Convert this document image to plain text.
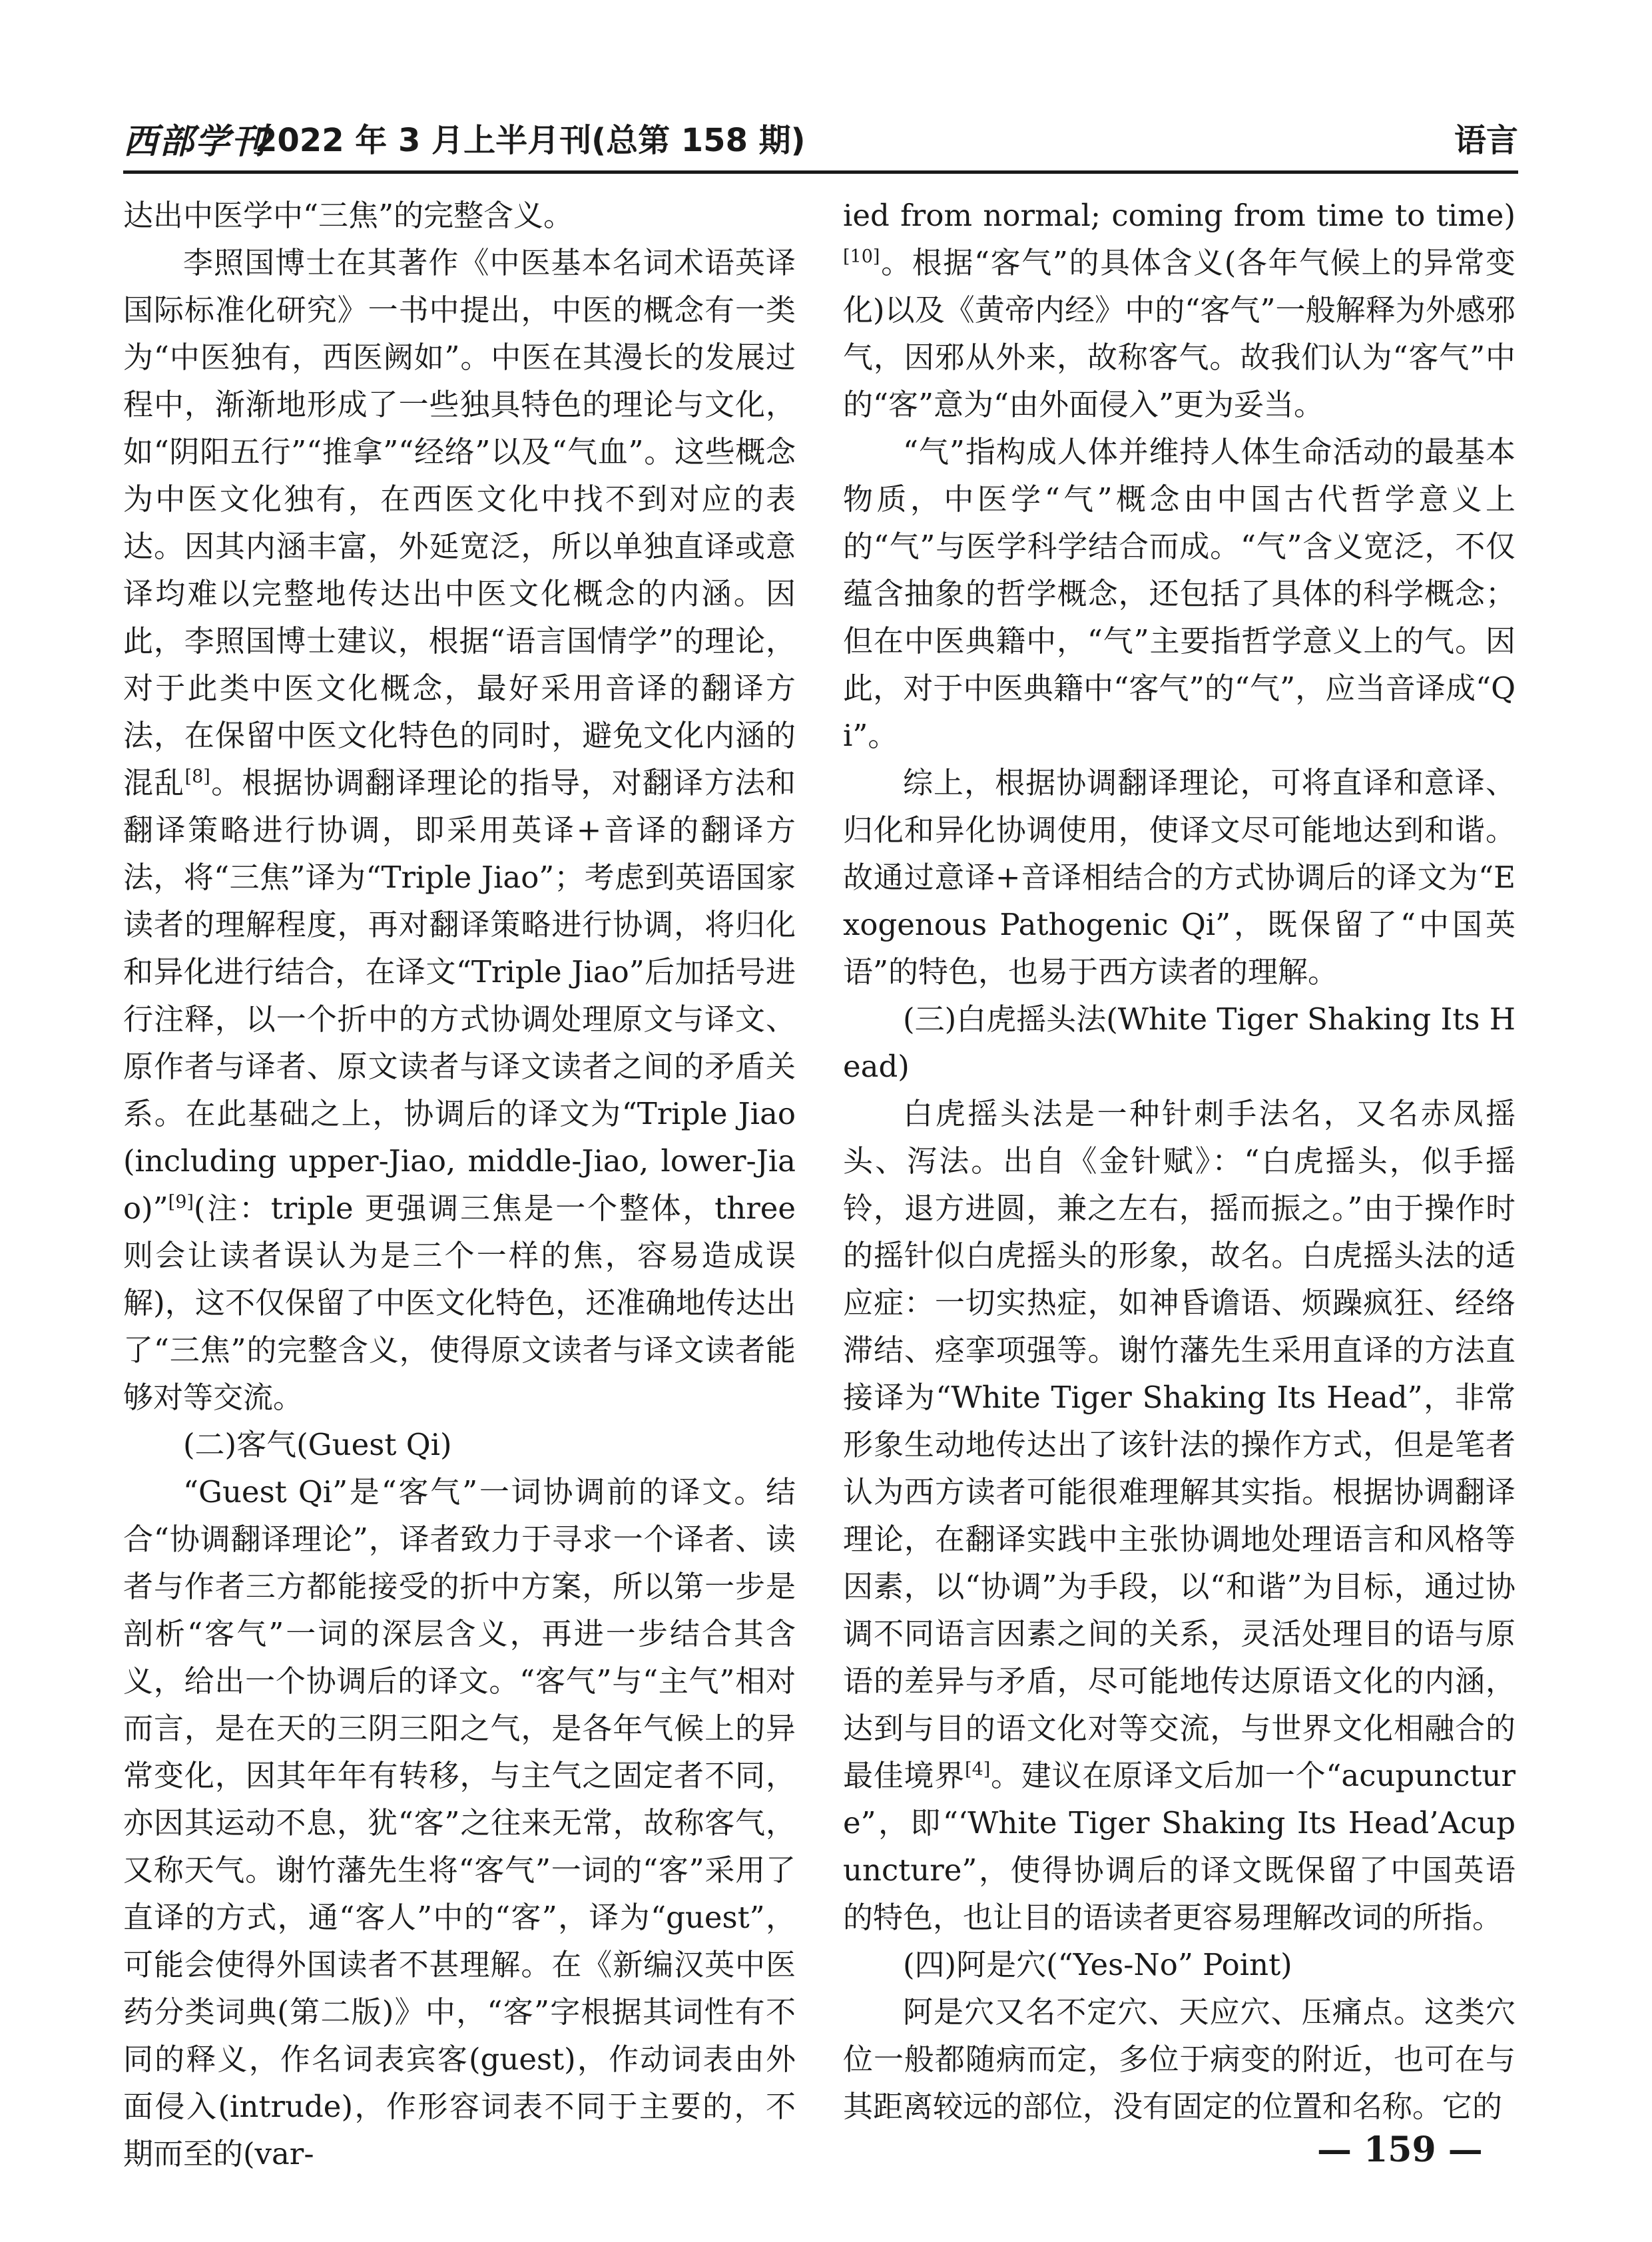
西部学刊
2022 年 3 月上半月刊(总第 158 期)	语言

达出中医学中“三焦”的完整含义。

李照国博士在其著作《中医基本名词术语英译国际标准化研究》一书中提出，中医的概念有一类为“中医独有，西医阙如”。中医在其漫长的发展过程中，渐渐地形成了一些独具特色的理论与文化，如“阴阳五行”“推拿”“经络”以及“气血”。这些概念为中医文化独有，在西医文化中找不到对应的表达。因其内涵丰富，外延宽泛，所以单独直译或意译均难以完整地传达出中医文化概念的内涵。因此，李照国博士建议，根据“语言国情学”的理论，对于此类中医文化概念，最好采用音译的翻译方法，在保留中医文化特色的同时，避免文化内涵的混乱[8]。根据协调翻译理论的指导，对翻译方法和翻译策略进行协调，即采用英译+音译的翻译方法，将“三焦”译为“Triple Jiao”；考虑到英语国家读者的理解程度，再对翻译策略进行协调，将归化和异化进行结合，在译文“Triple Jiao”后加括号进行注释，以一个折中的方式协调处理原文与译文、原作者与译者、原文读者与译文读者之间的矛盾关系。在此基础之上，协调后的译文为“Triple Jiao(including upper-Jiao, middle-Jiao, lower-Jiao)”[9](注：triple 更强调三焦是一个整体，three 则会让读者误认为是三个一样的焦，容易造成误解)，这不仅保留了中医文化特色，还准确地传达出了“三焦”的完整含义，使得原文读者与译文读者能够对等交流。

(二)客气(Guest Qi)

“Guest Qi”是“客气”一词协调前的译文。结合“协调翻译理论”，译者致力于寻求一个译者、读者与作者三方都能接受的折中方案，所以第一步是剖析“客气”一词的深层含义，再进一步结合其含义，给出一个协调后的译文。“客气”与“主气”相对而言，是在天的三阴三阳之气，是各年气候上的异常变化，因其年年有转移，与主气之固定者不同，亦因其运动不息，犹“客”之往来无常，故称客气，又称天气。谢竹藩先生将“客气”一词的“客”采用了直译的方式，通“客人”中的“客”，译为“guest”，可能会使得外国读者不甚理解。在《新编汉英中医药分类词典(第二版)》中，“客”字根据其词性有不同的释义，作名词表宾客(guest)，作动词表由外面侵入(intrude)，作形容词表不同于主要的，不期而至的(var-

ied from normal; coming from time to time)[10]。根据“客气”的具体含义(各年气候上的异常变化)以及《黄帝内经》中的“客气”一般解释为外感邪气，因邪从外来，故称客气。故我们认为“客气”中的“客”意为“由外面侵入”更为妥当。

“气”指构成人体并维持人体生命活动的最基本物质，中医学“气”概念由中国古代哲学意义上的“气”与医学科学结合而成。“气”含义宽泛，不仅蕴含抽象的哲学概念，还包括了具体的科学概念；但在中医典籍中，“气”主要指哲学意义上的气。因此，对于中医典籍中“客气”的“气”，应当音译成“Qi”。

综上，根据协调翻译理论，可将直译和意译、归化和异化协调使用，使译文尽可能地达到和谐。故通过意译+音译相结合的方式协调后的译文为“Exogenous Pathogenic Qi”，既保留了“中国英语”的特色，也易于西方读者的理解。

(三)白虎摇头法(White Tiger Shaking Its Head)

白虎摇头法是一种针刺手法名，又名赤凤摇头、泻法。出自《金针赋》：“白虎摇头，似手摇铃，退方进圆，兼之左右，摇而振之。”由于操作时的摇针似白虎摇头的形象，故名。白虎摇头法的适应症：一切实热症，如神昏谵语、烦躁疯狂、经络滞结、痉挛项强等。谢竹藩先生采用直译的方法直接译为“White Tiger Shaking Its Head”，非常形象生动地传达出了该针法的操作方式，但是笔者认为西方读者可能很难理解其实指。根据协调翻译理论，在翻译实践中主张协调地处理语言和风格等因素，以“协调”为手段，以“和谐”为目标，通过协调不同语言因素之间的关系，灵活处理目的语与原语的差异与矛盾，尽可能地传达原语文化的内涵，达到与目的语文化对等交流，与世界文化相融合的最佳境界[4]。建议在原译文后加一个“acupuncture”，即“‘White Tiger Shaking Its Head’Acupuncture”，使得协调后的译文既保留了中国英语的特色，也让目的语读者更容易理解改词的所指。

(四)阿是穴(“Yes-No” Point)

阿是穴又名不定穴、天应穴、压痛点。这类穴位一般都随病而定，多位于病变的附近，也可在与其距离较远的部位，没有固定的位置和名称。它的

— 159 —
